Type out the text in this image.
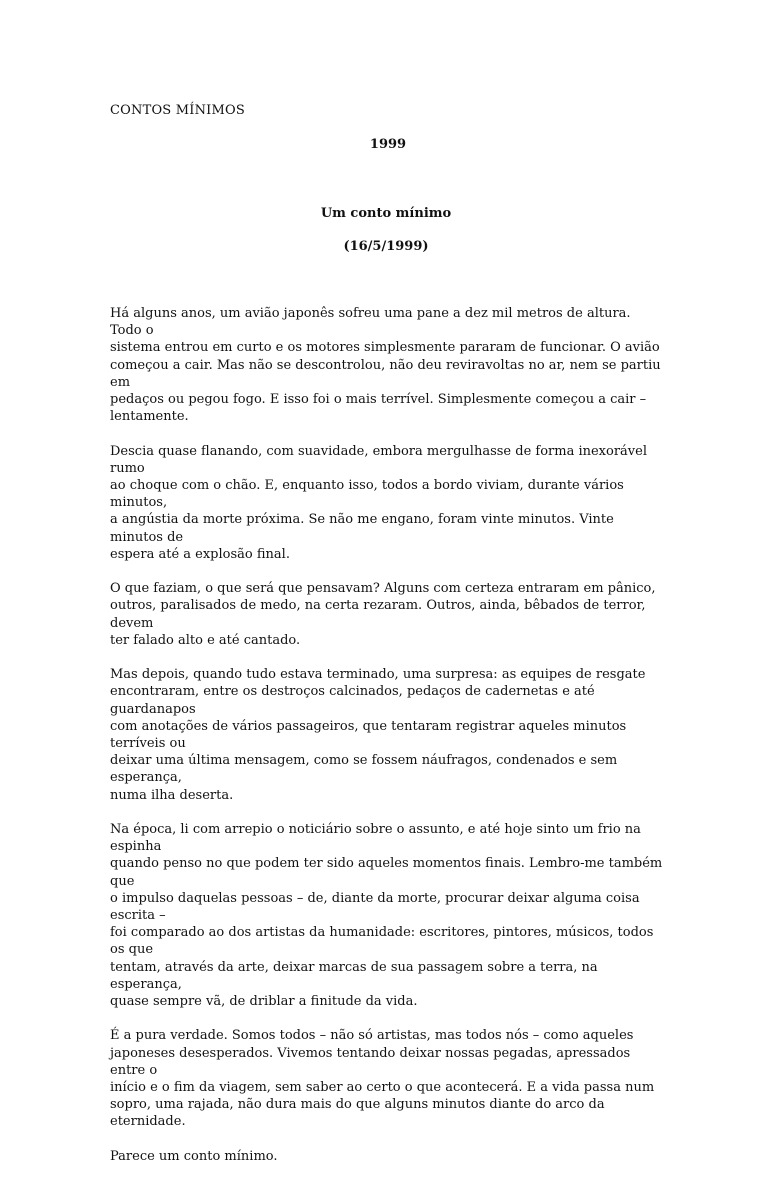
CONTOS MÍNIMOS
1999
Um conto mínimo
(16/5/1999)

Há alguns anos, um avião japonês sofreu uma pane a dez mil metros de altura. Todo o
sistema entrou em curto e os motores simplesmente pararam de funcionar. O avião
começou a cair. Mas não se descontrolou, não deu reviravoltas no ar, nem se partiu em
pedaços ou pegou fogo. E isso foi o mais terrível. Simplesmente começou a cair –
lentamente.

Descia quase flanando, com suavidade, embora mergulhasse de forma inexorável rumo
ao choque com o chão. E, enquanto isso, todos a bordo viviam, durante vários minutos,
a angústia da morte próxima. Se não me engano, foram vinte minutos. Vinte minutos de
espera até a explosão final.

O que faziam, o que será que pensavam? Alguns com certeza entraram em pânico,
outros, paralisados de medo, na certa rezaram. Outros, ainda, bêbados de terror, devem
ter falado alto e até cantado.

Mas depois, quando tudo estava terminado, uma surpresa: as equipes de resgate
encontraram, entre os destroços calcinados, pedaços de cadernetas e até guardanapos
com anotações de vários passageiros, que tentaram registrar aqueles minutos terríveis ou
deixar uma última mensagem, como se fossem náufragos, condenados e sem esperança,
numa ilha deserta.

Na época, li com arrepio o noticiário sobre o assunto, e até hoje sinto um frio na espinha
quando penso no que podem ter sido aqueles momentos finais. Lembro-me também que
o impulso daquelas pessoas – de, diante da morte, procurar deixar alguma coisa escrita –
foi comparado ao dos artistas da humanidade: escritores, pintores, músicos, todos os que
tentam, através da arte, deixar marcas de sua passagem sobre a terra, na esperança,
quase sempre vã, de driblar a finitude da vida.

É a pura verdade. Somos todos – não só artistas, mas todos nós – como aqueles
japoneses desesperados. Vivemos tentando deixar nossas pegadas, apressados entre o
início e o fim da viagem, sem saber ao certo o que acontecerá. E a vida passa num
sopro, uma rajada, não dura mais do que alguns minutos diante do arco da eternidade.

Parece um conto mínimo.
